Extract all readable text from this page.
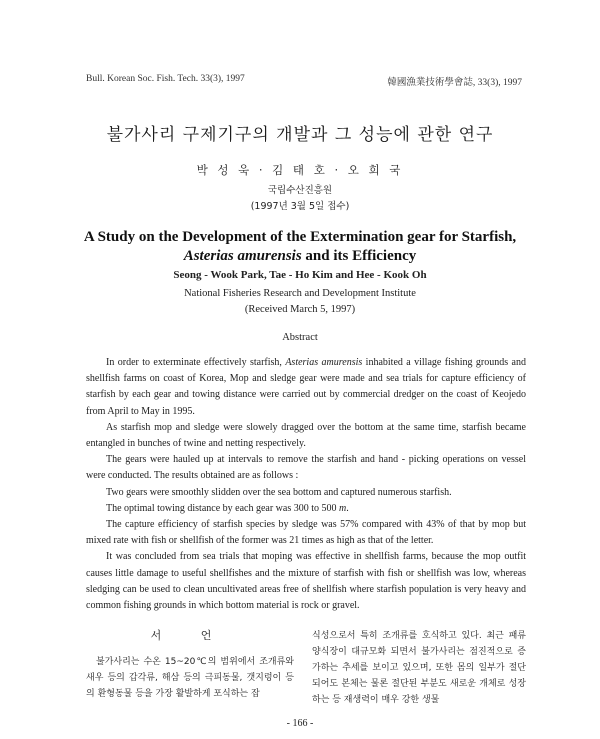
Bull. Korean Soc. Fish. Tech. 33(3), 1997	韓國漁業技術學會誌, 33(3), 1997
불가사리 구제기구의 개발과 그 성능에 관한 연구
박 성 욱 · 김 태 호 · 오 희 국
국립수산진흥원
(1997년 3월 5일 접수)
A Study on the Development of the Extermination gear for Starfish,
Asterias amurensis and its Efficiency
Seong - Wook Park, Tae - Ho Kim and Hee - Kook Oh
National Fisheries Research and Development Institute
(Received March 5, 1997)
Abstract

In order to exterminate effectively starfish, Asterias amurensis inhabited a village fishing grounds and shellfish farms on coast of Korea, Mop and sledge gear were made and sea trials for capture efficiency of starfish by each gear and towing distance were carried out by commercial dredger on the coast of Keojedo from April to May in 1995.

As starfish mop and sledge were slowely dragged over the bottom at the same time, starfish became entangled in bunches of twine and netting respectively.

The gears were hauled up at intervals to remove the starfish and hand - picking operations on vessel were conducted. The results obtained are as follows :

Two gears were smoothly slidden over the sea bottom and captured numerous starfish.

The optimal towing distance by each gear was 300 to 500 m.

The capture efficiency of starfish species by sledge was 57% compared with 43% of that by mop but mixed rate with fish or shellfish of the former was 21 times as high as that of the letter.

It was concluded from sea trials that moping was effective in shellfish farms, because the mop outfit causes little damage to useful shellfishes and the mixture of starfish with fish or shellfish was low, whereas sledging can be used to clean uncultivated areas free of shellfish where starfish population is very heavy and common fishing grounds in which bottom material is rock or gravel.

서 언

불가사리는 수온 15~20℃의 범위에서 조개류와 새우 등의 갑각류, 해삼 등의 극피동물, 갯지렁이 등의 환형동물 등을 가장 활발하게 포식하는 잡

식성으로서 특히 조개류를 호식하고 있다. 최근 패류 양식장이 대규모화 되면서 불가사리는 점진적으로 증가하는 추세를 보이고 있으며, 또한 몸의 일부가 절단 되어도 본체는 물론 절단된 부분도 새로운 개체로 성장하는 등 재생력이 매우 강한 생물

- 166 -
